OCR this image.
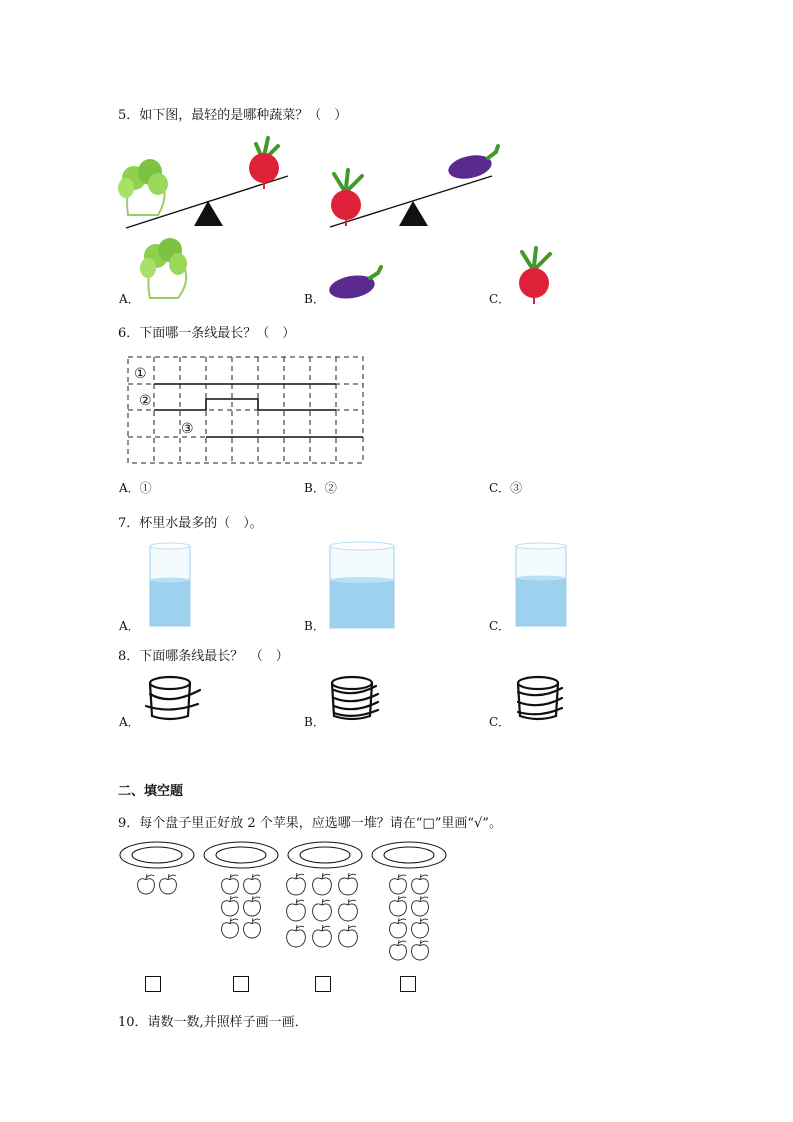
5．如下图，最轻的是哪种蔬菜？（　）
A．	B．	C．
6．下面哪一条线最长？（　）
①
②
③
A．①	B．②	C．③
7．杯里水最多的（　）。
A．	B．	C．
8．下面哪条线最长？　（　）
A．	B．	C．
二、填空题
9．每个盘子里正好放 2 个苹果，应选哪一堆？请在“□”里画“√”。
10．请数一数,并照样子画一画．
